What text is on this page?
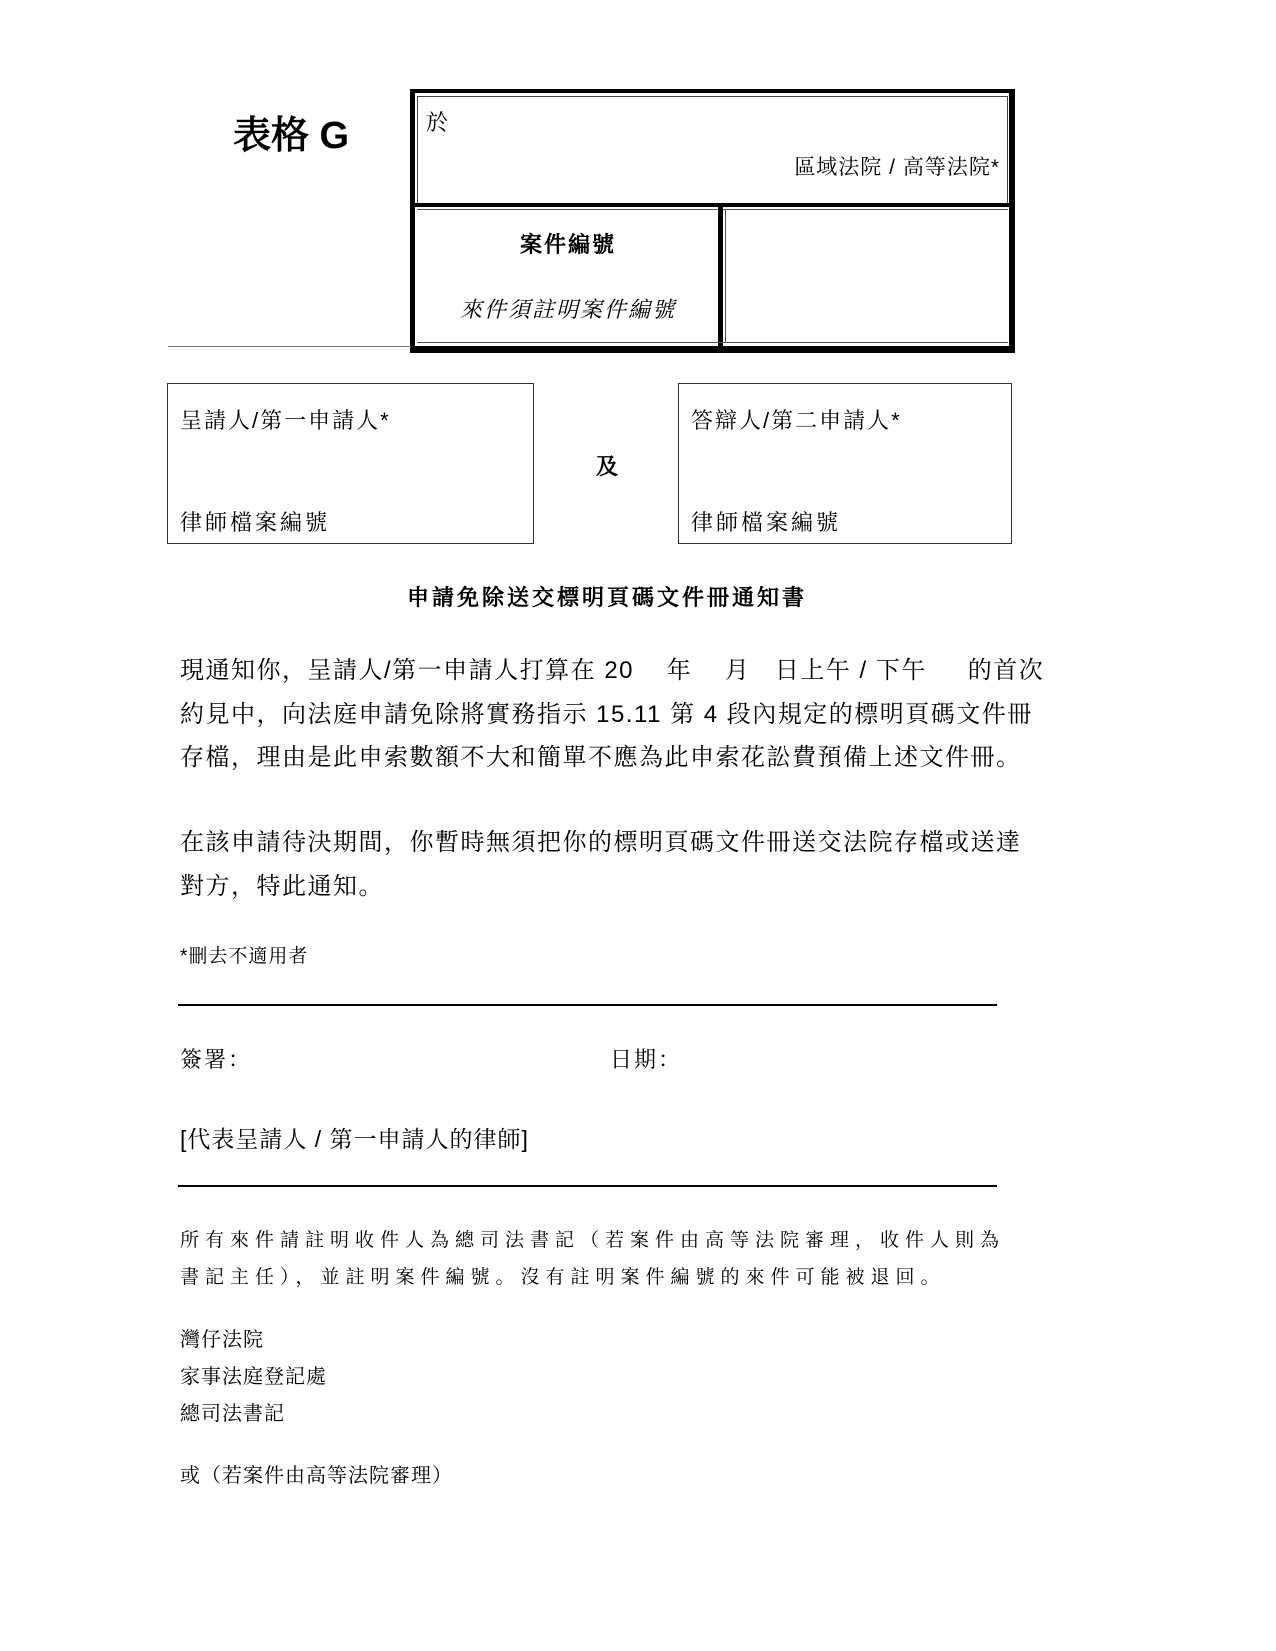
表格 G	於
區域法院 / 高等法院*
案件編號
來件須註明案件編號
呈請人/第一申請人*
律師檔案編號
及
答辯人/第二申請人*
律師檔案編號
申請免除送交標明頁碼文件冊通知書
現通知你，呈請人/第一申請人打算在 20    年    月   日上午 / 下午     的首次
約見中，向法庭申請免除將實務指示 15.11 第 4 段內規定的標明頁碼文件冊
存檔，理由是此申索數額不大和簡單不應為此申索花訟費預備上述文件冊。
在該申請待決期間，你暫時無須把你的標明頁碼文件冊送交法院存檔或送達
對方，特此通知。
*刪去不適用者
簽署：	日期：
[代表呈請人 / 第一申請人的律師]
所有來件請註明收件人為總司法書記（若案件由高等法院審理，收件人則為
書記主任），並註明案件編號。沒有註明案件編號的來件可能被退回。
灣仔法院
家事法庭登記處
總司法書記
或（若案件由高等法院審理）
